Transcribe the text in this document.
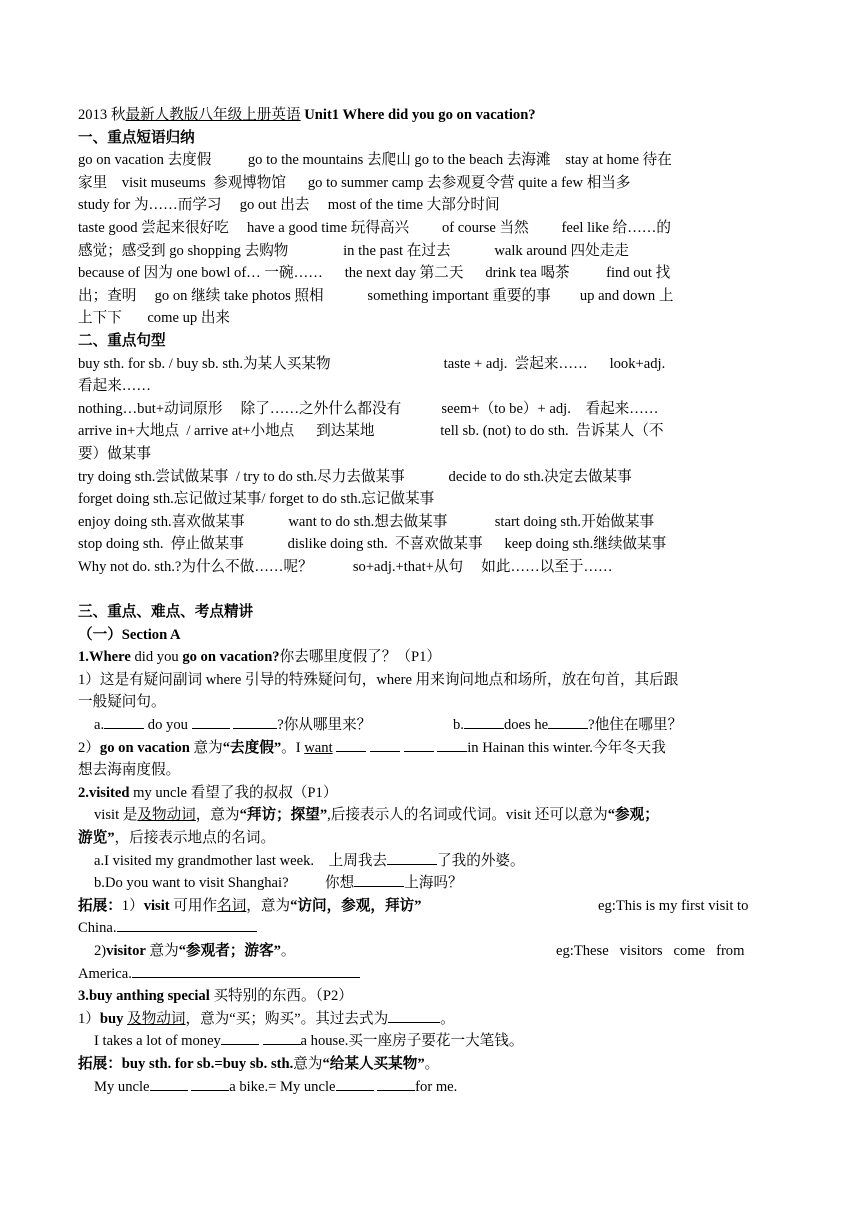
2013 秋最新人教版八年级上册英语 Unit1 Where did you go on vacation?
一、重点短语归纳
go on vacation 去度假          go to the mountains 去爬山 go to the beach 去海滩    stay at home 待在
家里    visit museums  参观博物馆      go to summer camp 去参观夏令营 quite a few 相当多
study for 为……而学习     go out 出去     most of the time 大部分时间
taste good 尝起来很好吃     have a good time 玩得高兴         of course 当然         feel like 给……的
感觉；感受到 go shopping 去购物               in the past 在过去            walk around 四处走走
because of 因为 one bowl of… 一碗……      the next day 第二天      drink tea 喝茶          find out 找
出；查明     go on 继续 take photos 照相            something important 重要的事        up and down 上
上下下       come up 出来
二、重点句型
buy sth. for sb. / buy sb. sth.为某人买某物                               taste + adj.  尝起来……      look+adj.
看起来……
nothing…but+动词原形     除了……之外什么都没有           seem+（to be）+ adj.    看起来……
arrive in+大地点  / arrive at+小地点      到达某地                  tell sb. (not) to do sth.  告诉某人（不
要）做某事
try doing sth.尝试做某事  / try to do sth.尽力去做某事            decide to do sth.决定去做某事
forget doing sth.忘记做过某事/ forget to do sth.忘记做某事
enjoy doing sth.喜欢做某事            want to do sth.想去做某事             start doing sth.开始做某事
stop doing sth.  停止做某事            dislike doing sth.  不喜欢做某事      keep doing sth.继续做某事
Why not do. sth.?为什么不做……呢？           so+adj.+that+从句     如此……以至于……
三、重点、难点、考点精讲
（一）Section A
1.Where did you go on vacation?你去哪里度假了？（P1）
1）这是有疑问副词 where 引导的特殊疑问句，where 用来询问地点和场所，放在句首，其后跟
一般疑问句。
a.	do you	?你从哪里来？	b.	does he	?他住在哪里？
2）go on vacation 意为“去度假”。I want	in Hainan this winter.今年冬天我
想去海南度假。
2.visited my uncle 看望了我的叔叔（P1）
visit 是及物动词，意为“拜访；探望”,后接表示人的名词或代词。visit 还可以意为“参观；
游览”，后接表示地点的名词。
a.I visited my grandmother last week.    上周我去	了我的外婆。
b.Do you want to visit Shanghai?          你想	上海吗？
拓展：1）visit 可用作名词，意为“访问，参观，拜访”	eg:This is my first visit to
China.
2)visitor 意为“参观者；游客”。	eg:These   visitors   come   from
America.
3.buy anthing special 买特别的东西。（P2）
1）buy 及物动词，意为“买；购买”。其过去式为	。
I takes a lot of money	a house.买一座房子要花一大笔钱。
拓展：buy sth. for sb.=buy sb. sth.意为“给某人买某物”。
My uncle	a bike.= My uncle	for me.
